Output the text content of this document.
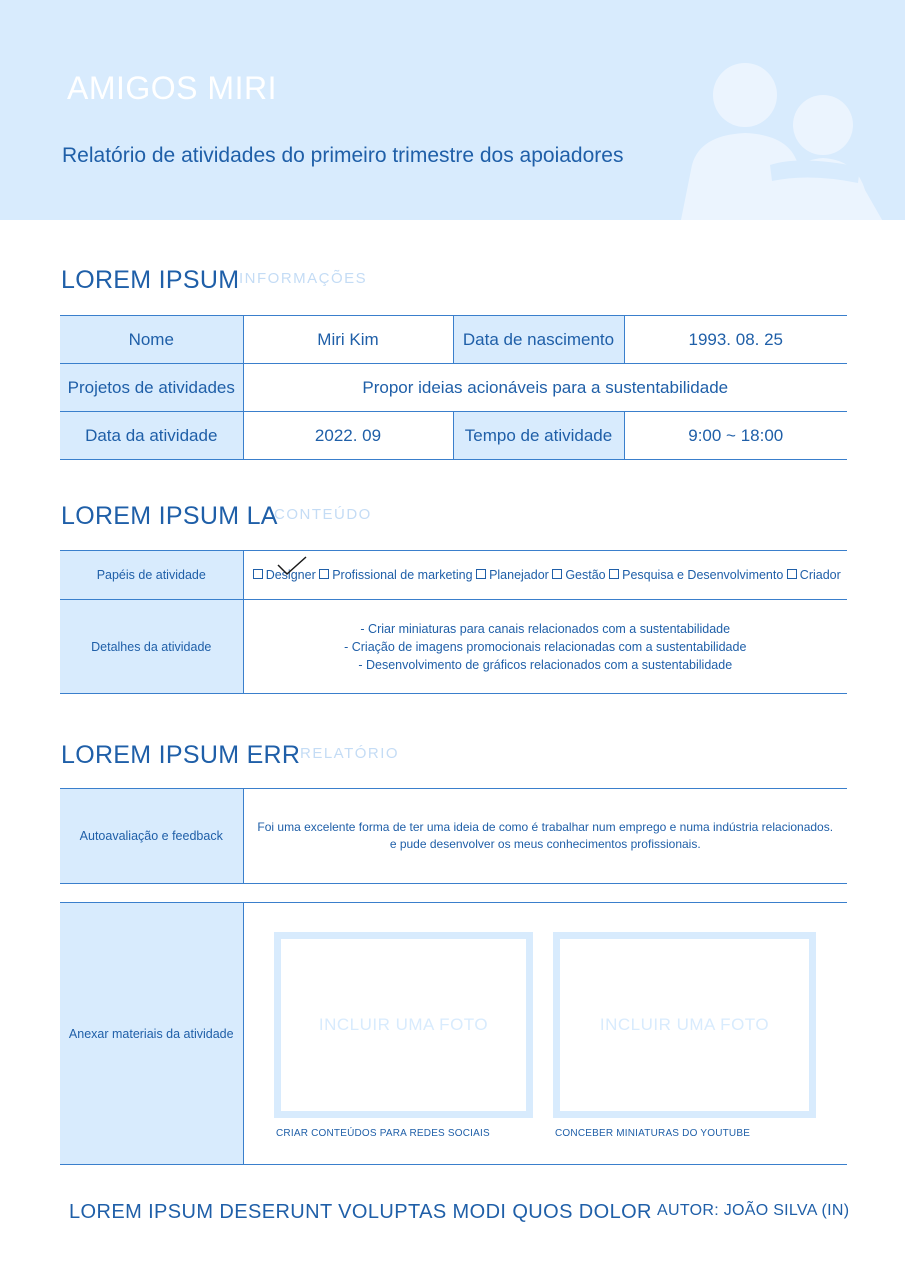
AMIGOS MIRI
Relatório de atividades do primeiro trimestre dos apoiadores
LOREM IPSUM INFORMAÇÕES
Nome	Miri Kim	Data de nascimento	1993. 08. 25
Projetos de atividades	Propor ideias acionáveis para a sustentabilidade		
Data da atividade	2022. 09	Tempo de atividade	9:00 ~ 18:00
LOREM IPSUM LA
CONTEÚDO
Papéis de atividade	Designer Profissional de marketing Planejador Gestão Pesquisa e Desenvolvimento Criador
Detalhes da atividade	- Criar miniaturas para canais relacionados com a sustentabilidade
- Criação de imagens promocionais relacionadas com a sustentabilidade
- Desenvolvimento de gráficos relacionados com a sustentabilidade
LOREM IPSUM ERR RELATÓRIO
Autoavaliação e feedback	
Foi uma excelente forma de ter uma ideia de como é trabalhar num emprego e numa indústria relacionados.
e pude desenvolver os meus conhecimentos profissionais.
Anexar materiais da atividade		INCLUIR UMA FOTO
CRIAR CONTEÚDOS PARA REDES SOCIAIS
INCLUIR UMA FOTO
CONCEBER MINIATURAS DO YOUTUBE
LOREM IPSUM DESERUNT VOLUPTAS MODI QUOS DOLOR AUTOR: JOÃO SILVA (IN)
